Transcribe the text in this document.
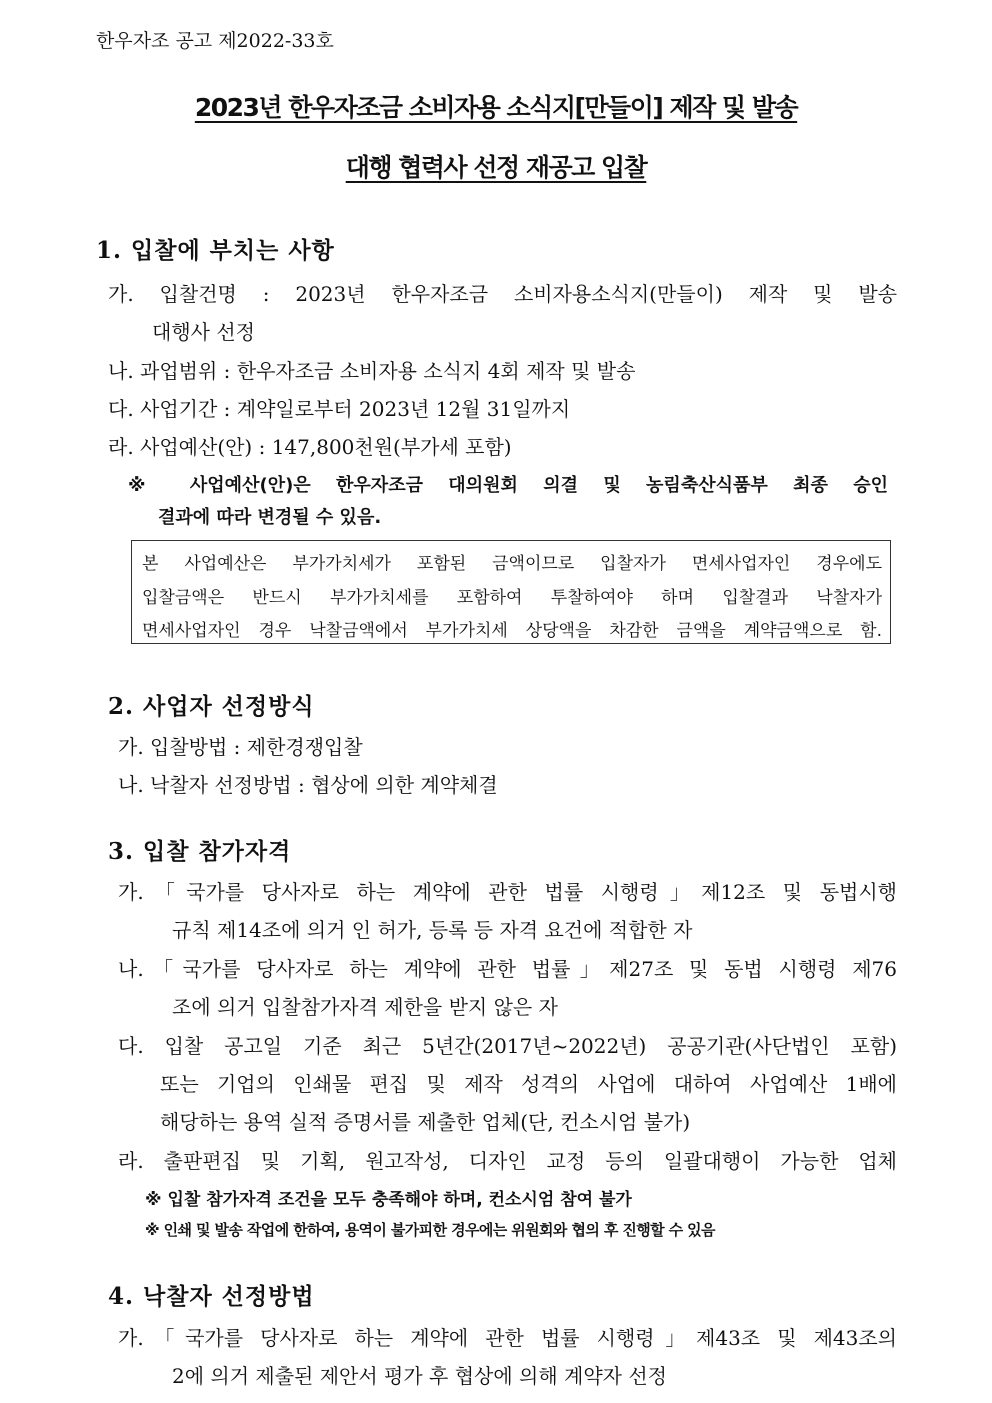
한우자조 공고 제2022-33호
2023년 한우자조금 소비자용 소식지[만들이] 제작 및 발송
대행 협력사 선정 재공고 입찰
1. 입찰에 부치는 사항
가. 입찰건명 : 2023년 한우자조금 소비자용소식지(만들이) 제작 및 발송
대행사 선정
나. 과업범위 : 한우자조금 소비자용 소식지 4회 제작 및 발송
다. 사업기간 : 계약일로부터 2023년 12월 31일까지
라. 사업예산(안) : 147,800천원(부가세 포함)
※ 사업예산(안)은 한우자조금 대의원회 의결 및 농림축산식품부 최종 승인
결과에 따라 변경될 수 있음.
본 사업예산은 부가가치세가 포함된 금액이므로 입찰자가 면세사업자인 경우에도
입찰금액은 반드시 부가가치세를 포함하여 투찰하여야 하며 입찰결과 낙찰자가
면세사업자인 경우 낙찰금액에서 부가가치세 상당액을 차감한 금액을 계약금액으로 함.
2. 사업자 선정방식
가. 입찰방법 : 제한경쟁입찰
나. 낙찰자 선정방법 : 협상에 의한 계약체결
3. 입찰 참가자격
가.「국가를 당사자로 하는 계약에 관한 법률 시행령」제12조 및 동법시행
규칙 제14조에 의거 인 허가, 등록 등 자격 요건에 적합한 자
나.「국가를 당사자로 하는 계약에 관한 법률」제27조 및 동법 시행령 제76
조에 의거 입찰참가자격 제한을 받지 않은 자
다. 입찰 공고일 기준 최근 5년간(2017년~2022년) 공공기관(사단법인 포함)
또는 기업의 인쇄물 편집 및 제작 성격의 사업에 대하여 사업예산 1배에
해당하는 용역 실적 증명서를 제출한 업체(단, 컨소시엄 불가)
라. 출판편집 및 기획, 원고작성, 디자인 교정 등의 일괄대행이 가능한 업체
※ 입찰 참가자격 조건을 모두 충족해야 하며, 컨소시엄 참여 불가
※ 인쇄 및 발송 작업에 한하여, 용역이 불가피한 경우에는 위원회와 협의 후 진행할 수 있음
4. 낙찰자 선정방법
가.「국가를 당사자로 하는 계약에 관한 법률 시행령」제43조 및 제43조의
2에 의거 제출된 제안서 평가 후 협상에 의해 계약자 선정
